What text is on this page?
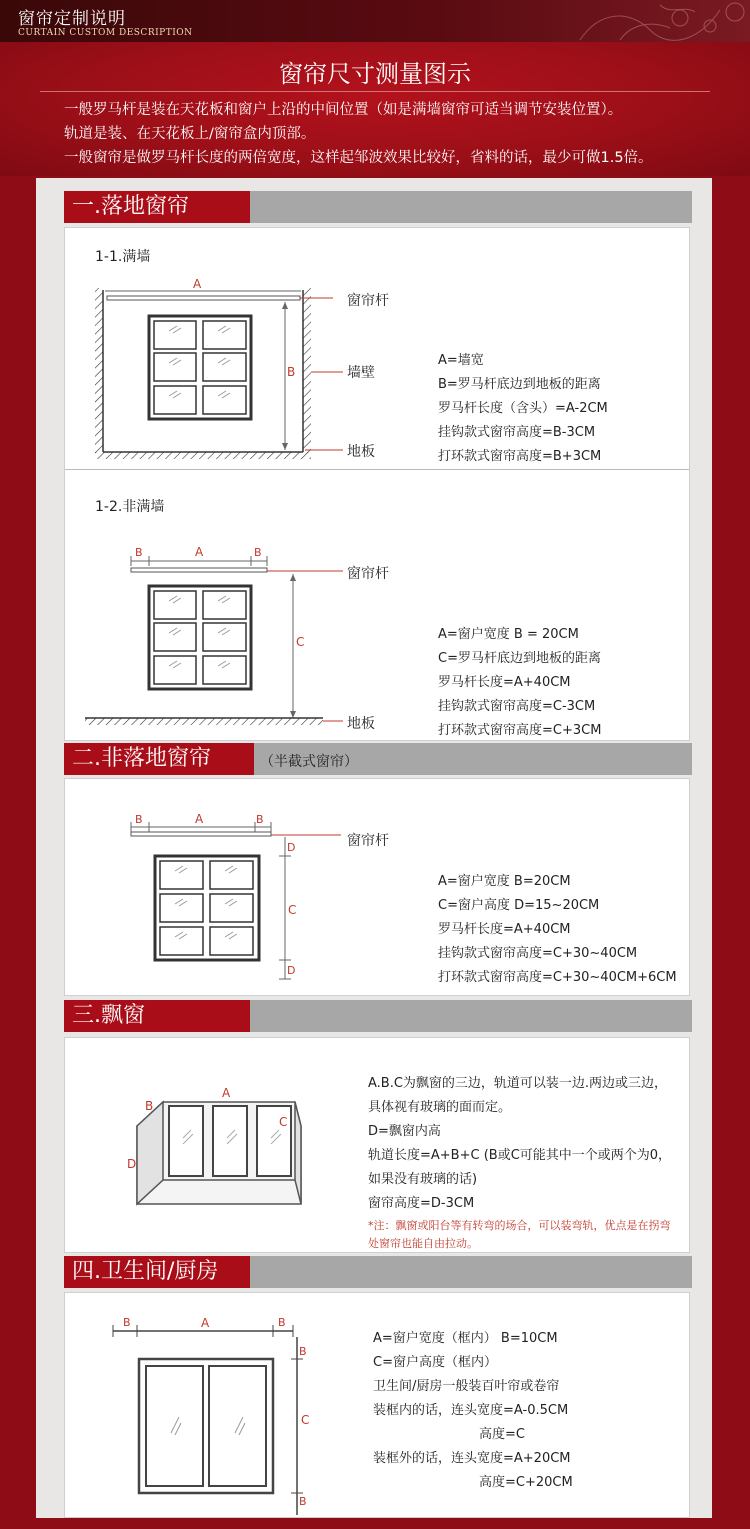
窗帘定制说明
CURTAIN CUSTOM DESCRIPTION
窗帘尺寸测量图示

一般罗马杆是装在天花板和窗户上沿的中间位置（如是满墙窗帘可适当调节安装位置）。

轨道是装、在天花板上/窗帘盒内顶部。

一般窗帘是做罗马杆长度的两倍宽度，这样起邹波效果比较好，省料的话，最少可做1.5倍。

一.落地窗帘
1-1.满墙
A
B
窗帘杆
墙壁
地板
A=墙宽
B=罗马杆底边到地板的距离
罗马杆长度（含头）=A-2CM
挂钩款式窗帘高度=B-3CM
打环款式窗帘高度=B+3CM
1-2.非满墙
B	A	B
C
窗帘杆
地板
A=窗户宽度 B = 20CM
C=罗马杆底边到地板的距离
罗马杆长度=A+40CM
挂钩款式窗帘高度=C-3CM
打环款式窗帘高度=C+3CM
二.非落地窗帘	（半截式窗帘）
B	A	B
D
C
D
窗帘杆
A=窗户宽度 B=20CM
C=窗户高度 D=15~20CM
罗马杆长度=A+40CM
挂钩款式窗帘高度=C+30~40CM
打环款式窗帘高度=C+30~40CM+6CM
三.飘窗
A
B
C
D
A.B.C为飘窗的三边，轨道可以装一边.两边或三边，
具体视有玻璃的面而定。
D=飘窗内高
轨道长度=A+B+C (B或C可能其中一个或两个为0，
如果没有玻璃的话)
窗帘高度=D-3CM
*注：飘窗或阳台等有转弯的场合，可以装弯轨，优点是在拐弯
处窗帘也能自由拉动。
四.卫生间/厨房
B	A	B
B
C
B
A=窗户宽度（框内） B=10CM
C=窗户高度（框内）
卫生间/厨房一般装百叶帘或卷帘
装框内的话，连头宽度=A-0.5CM
高度=C
装框外的话，连头宽度=A+20CM
高度=C+20CM
